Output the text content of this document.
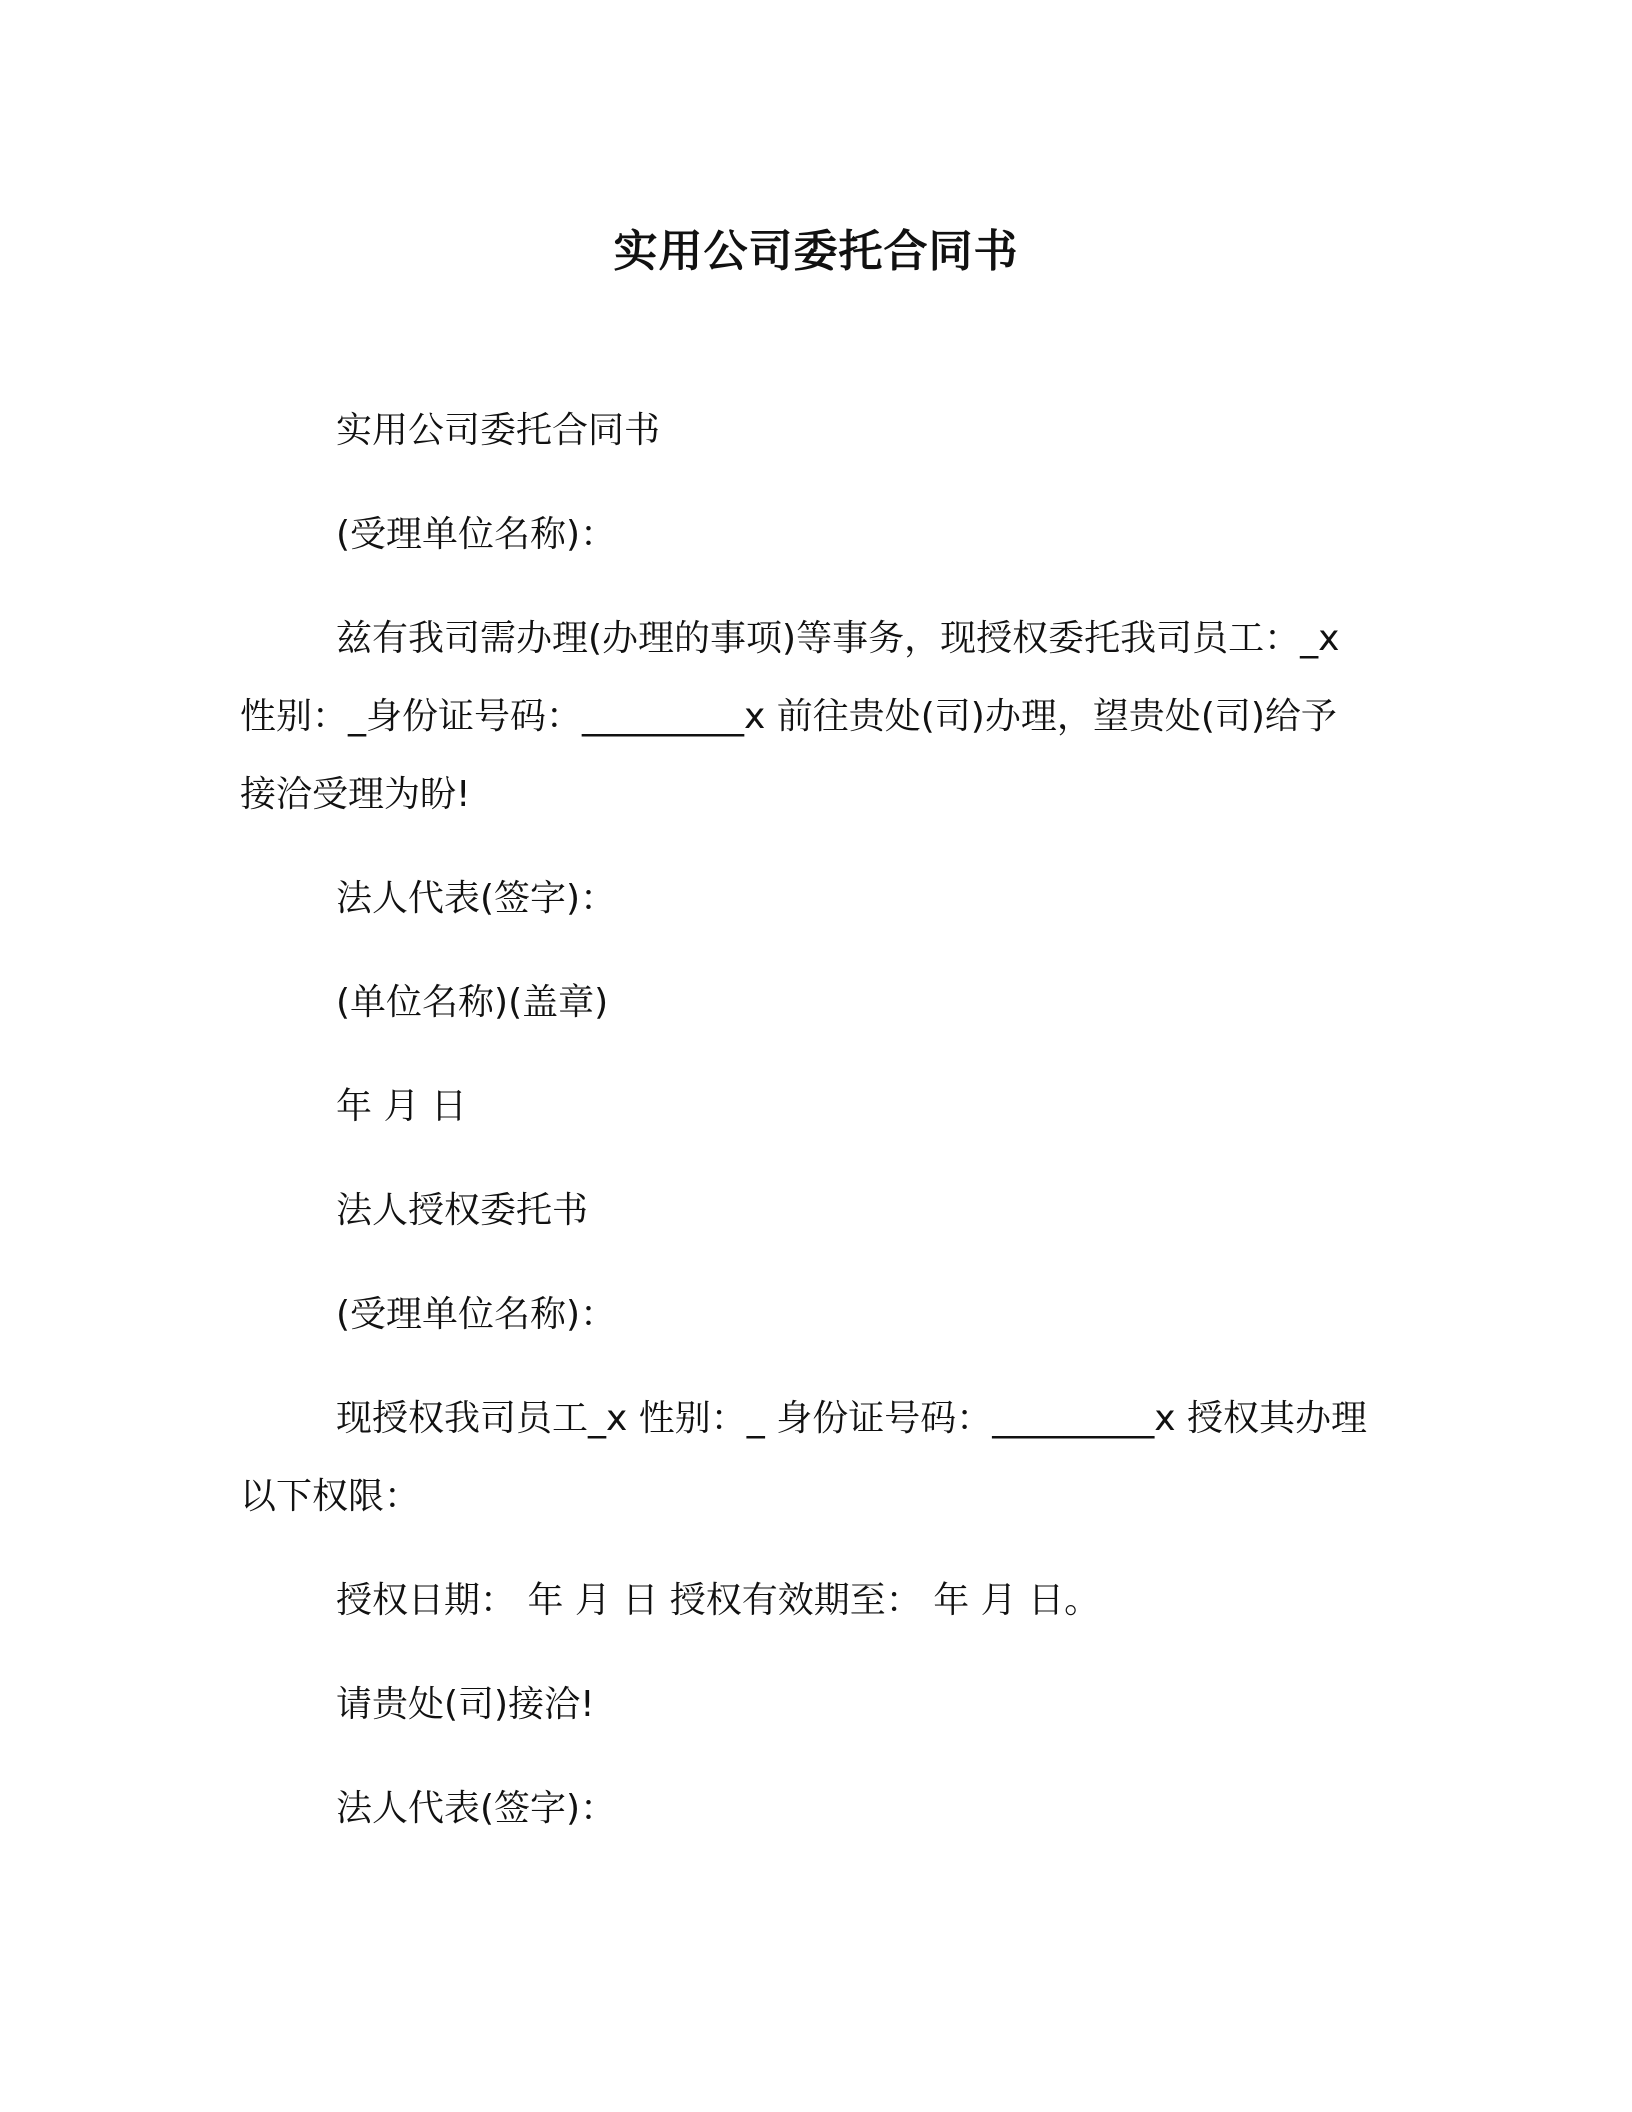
实用公司委托合同书

实用公司委托合同书

(受理单位名称)：

兹有我司需办理(办理的事项)等事务，现授权委托我司员工：_x 性别：_身份证号码：_________x 前往贵处(司)办理，望贵处(司)给予接洽受理为盼!

法人代表(签字)：

(单位名称)(盖章)

年 月 日

法人授权委托书

(受理单位名称)：

现授权我司员工_x 性别：_ 身份证号码：_________x 授权其办理以下权限：

授权日期： 年 月 日 授权有效期至： 年 月 日。

请贵处(司)接洽!

法人代表(签字)：
